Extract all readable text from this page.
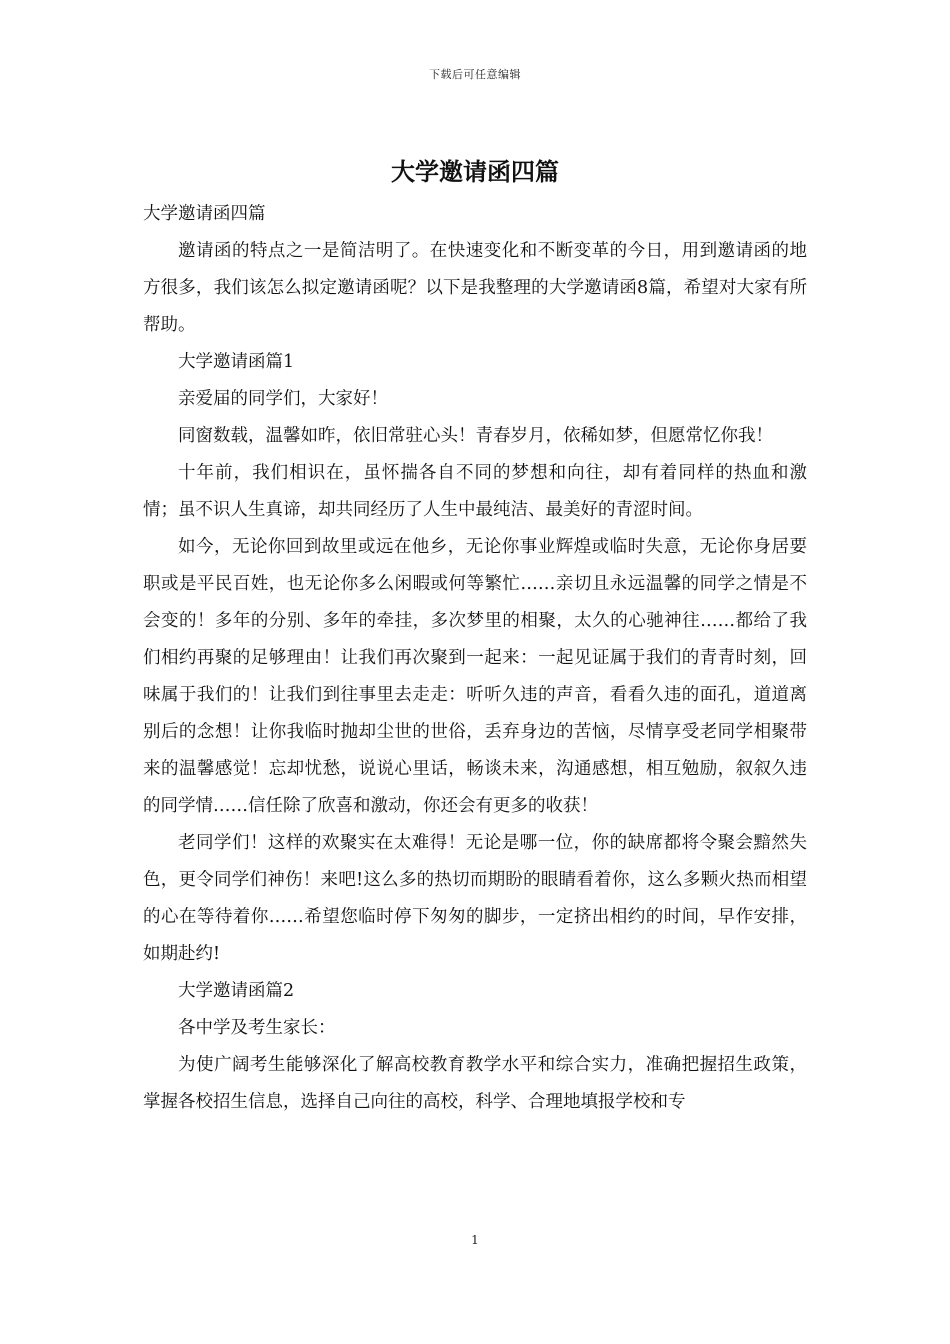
下载后可任意编辑
大学邀请函四篇

大学邀请函四篇

邀请函的特点之一是简洁明了。在快速变化和不断变革的今日，用到邀请函的地方很多，我们该怎么拟定邀请函呢？以下是我整理的大学邀请函8篇，希望对大家有所帮助。

大学邀请函篇1

亲爱届的同学们，大家好！

同窗数载，温馨如昨，依旧常驻心头！青春岁月，依稀如梦，但愿常忆你我！

十年前，我们相识在，虽怀揣各自不同的梦想和向往，却有着同样的热血和激情；虽不识人生真谛，却共同经历了人生中最纯洁、最美好的青涩时间。

如今，无论你回到故里或远在他乡，无论你事业辉煌或临时失意，无论你身居要职或是平民百姓，也无论你多么闲暇或何等繁忙……亲切且永远温馨的同学之情是不会变的！多年的分别、多年的牵挂，多次梦里的相聚，太久的心驰神往……都给了我们相约再聚的足够理由！让我们再次聚到一起来：一起见证属于我们的青青时刻，回味属于我们的！让我们到往事里去走走：听听久违的声音，看看久违的面孔，道道离别后的念想！让你我临时抛却尘世的世俗，丢弃身边的苦恼，尽情享受老同学相聚带来的温馨感觉！忘却忧愁，说说心里话，畅谈未来，沟通感想，相互勉励，叙叙久违的同学情……信任除了欣喜和激动，你还会有更多的收获！

老同学们！这样的欢聚实在太难得！无论是哪一位，你的缺席都将令聚会黯然失色，更令同学们神伤！来吧!这么多的热切而期盼的眼睛看着你，这么多颗火热而相望的心在等待着你……希望您临时停下匆匆的脚步，一定挤出相约的时间，早作安排，如期赴约!

大学邀请函篇2

各中学及考生家长：

为使广阔考生能够深化了解高校教育教学水平和综合实力，准确把握招生政策，掌握各校招生信息，选择自己向往的高校，科学、合理地填报学校和专

1
